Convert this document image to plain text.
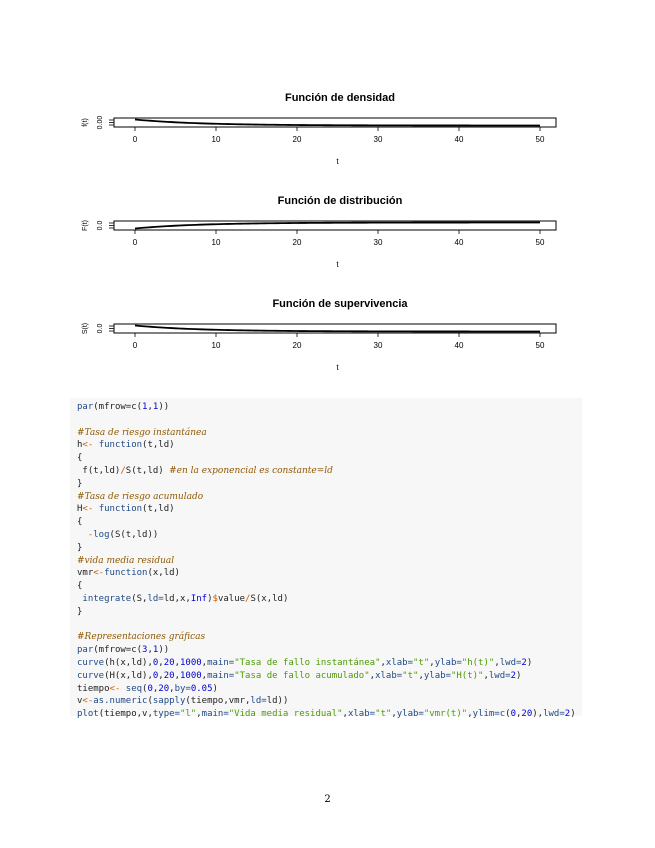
Función de densidad
0	10	20	30	40	50
0.00
f(t)
t
Función de distribución
0	10	20	30	40	50
0.0
F(t)
t
Función de supervivencia
0	10	20	30	40	50
0.0
S(t)
t
par(mfrow=c(1,1))

#Tasa de riesgo instantánea
h<- function(t,ld)
{
f(t,ld)/S(t,ld) #en la exponencial es constante=ld
}
#Tasa de riesgo acumulado
H<- function(t,ld)
{
-log(S(t,ld))
}
#vida media residual
vmr<-function(x,ld)
{
integrate(S,ld=ld,x,Inf)$value/S(x,ld)
}

#Representaciones gráficas
par(mfrow=c(3,1))
curve(h(x,ld),0,20,1000,main="Tasa de fallo instantánea",xlab="t",ylab="h(t)",lwd=2)
curve(H(x,ld),0,20,1000,main="Tasa de fallo acumulado",xlab="t",ylab="H(t)",lwd=2)
tiempo<- seq(0,20,by=0.05)
v<-as.numeric(sapply(tiempo,vmr,ld=ld))
plot(tiempo,v,type="l",main="Vida media residual",xlab="t",ylab="vmr(t)",ylim=c(0,20),lwd=2)

2
